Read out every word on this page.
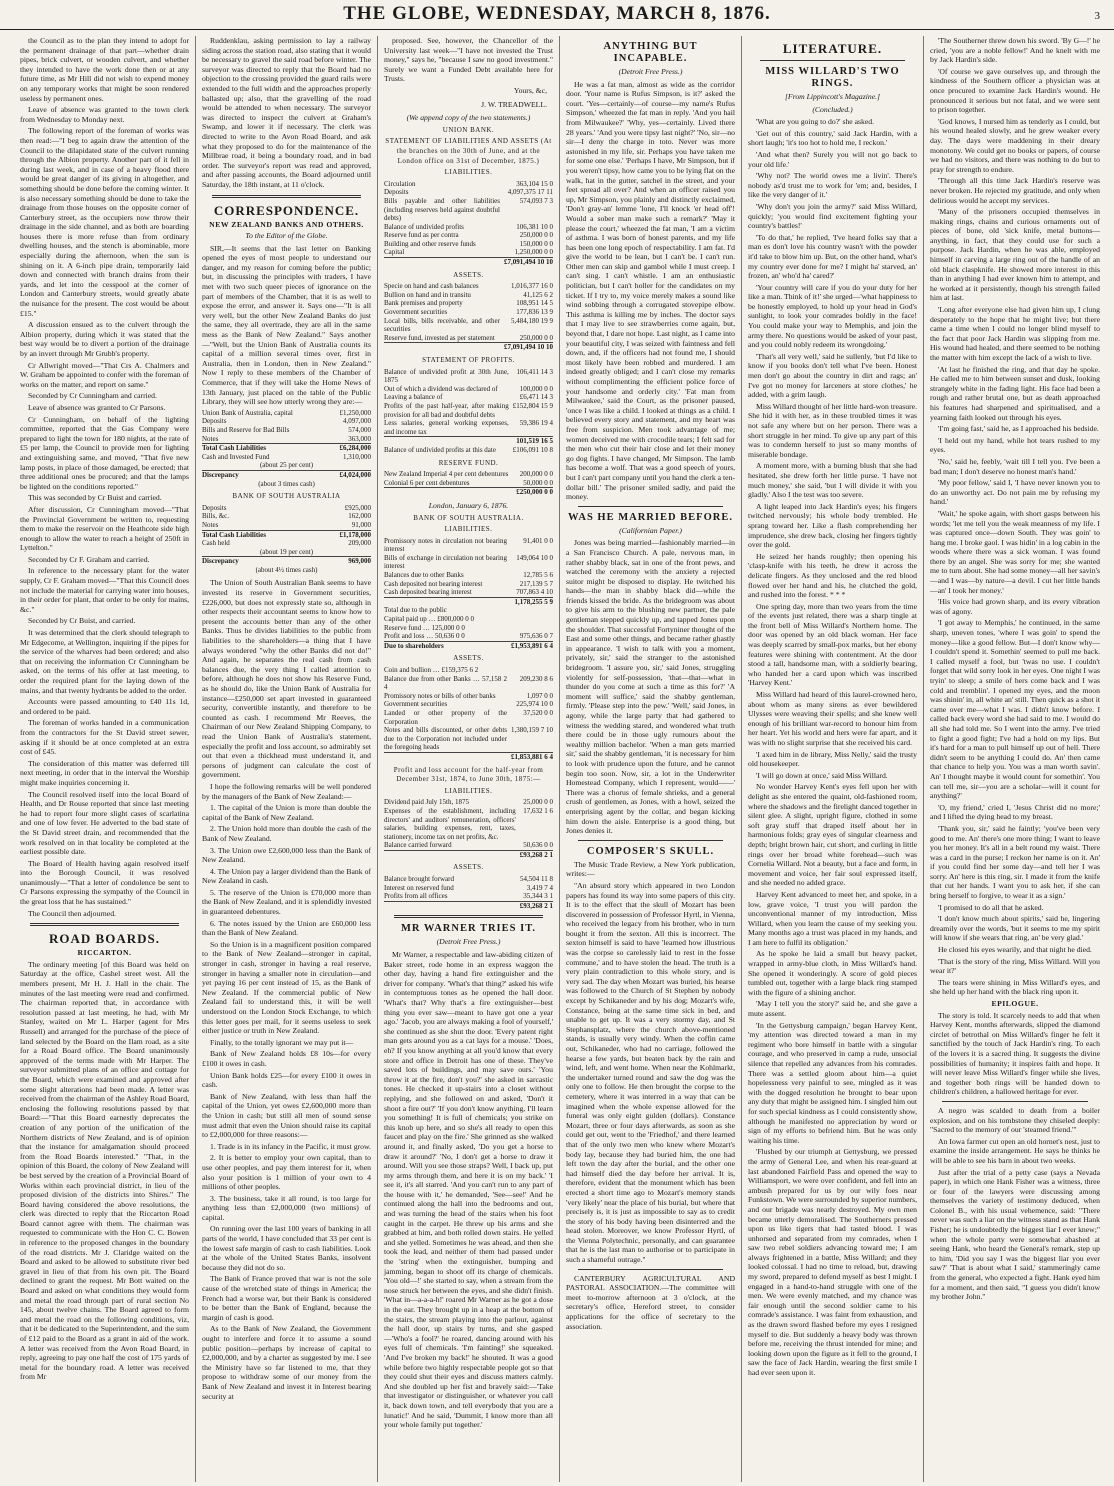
THE GLOBE, WEDNESDAY, MARCH 8, 1876.	3

the Council as to the plan they intend to adopt for the permanent drainage of that part—whether drain pipes, brick culvert, or wooden culvert, and whether they intended to have the work done then or at any future time, as Mr Hill did not wish to expend money on any temporary works that might be soon rendered useless by permanent ones.

Leave of absence was granted to the town clerk from Wednesday to Monday next.

The following report of the foreman of works was then read:—"I beg to again draw the attention of the Council to the dilapidated state of the culvert running through the Albion property. Another part of it fell in during last week, and in case of a heavy flood there would be great danger of its giving in altogether, and something should be done before the coming winter. It is also necessary something should be done to take the drainage from those houses on the opposite corner of Canterbury street, as the occupiers now throw their drainage in the side channel, and as both are boarding houses there is more refuse than from ordinary dwelling houses, and the stench is abominable, more especially during the afternoon, when the sun is shining on it. A 6-inch pipe drain, temporarily laid down and connected with branch drains from their yards, and let into the cesspool at the corner of London and Canterbury streets, would greatly abate the nuisance for the present. The cost would be about £15."

A discussion ensued as to the culvert through the Albion property, during which it was stated that the best way would be to divert a portion of the drainage by an invert through Mr Grubb's property.

Cr Allwright moved—"That Crs A. Chalmers and W. Graham be appointed to confer with the foreman of works on the matter, and report on same."

Seconded by Cr Cunningham and carried.

Leave of absence was granted to Cr Parsons.

Cr Cunningham, on behalf of the lighting committee, reported that the Gas Company were prepared to light the town for 180 nights, at the rate of £5 per lamp, the Council to provide men for lighting and extinguishing same, and moved, "That five new lamp posts, in place of those damaged, be erected; that three additional ones be procured; and that the lamps be lighted on the conditions reported."

This was seconded by Cr Buist and carried.

After discussion, Cr Cunningham moved—"That the Provincial Government be written to, requesting them to make the reservoir on the Heathcote side high enough to allow the water to reach a height of 250ft in Lyttelton."

Seconded by Cr F. Graham and carried.

In reference to the necessary plant for the water supply, Cr F. Graham moved—"That this Council does not include the material for carrying water into houses, in their order for plant, that order to be only for mains, &c."

Seconded by Cr Buist, and carried.

It was determined that the clerk should telegraph to Mr Edgecome, at Wellington, inquiring if the pipes for the service of the wharves had been ordered; and also that on receiving the information Cr Cunningham be asked, on the terms of his offer at last meeting, to order the required plant for the laying down of the mains, and that twenty hydrants be added to the order.

Accounts were passed amounting to £40 11s 1d, and ordered to be paid.

The foreman of works handed in a communication from the contractors for the St David street sewer, asking if it should be at once completed at an extra cost of £45.

The consideration of this matter was deferred till next meeting, in order that in the interval the Worship might make inquiries concerning it.

The Council resolved itself into the local Board of Health, and Dr Rouse reported that since last meeting he had to report four more slight cases of scarlatina and one of low fever. He adverted to the bad state of the St David street drain, and recommended that the work resolved on in that locality be completed at the earliest possible date.

The Board of Health having again resolved itself into the Borough Council, it was resolved unanimously—"That a letter of condolence be sent to Cr Parsons expressing the sympathy of the Council in the great loss that he has sustained."

The Council then adjourned.

ROAD BOARDS.
RICCARTON.

The ordinary meeting [of this Board was held on Saturday at the office, Cashel street west. All the members present, Mr H. J. Hall in the chair. The minutes of the last meeting were read and confirmed. The chairman reported that, in accordance with resolution passed at last meeting, he had, with Mr Stanley, waited on Mr L. Harper (agent for Mrs Russell) and arranged for the purchase of the piece of land selected by the Board on the Ilam road, as a site for a Road Board office. The Board unanimously approved of the terms made with Mr Harper. The surveyor submitted plans of an office and cottage for the Board, which were examined and approved after some slight alterations had been made. A letter was received from the chairman of the Ashley Road Board, enclosing the following resolutions passed by that Board:—"That this Board earnestly deprecates the creation of any portion of the unification of the Northern districts of New Zealand, and is of opinion that the instance for amalgamation should proceed from the Road Boards interested." "That, in the opinion of this Board, the colony of New Zealand will be best served by the creation of a Provincial Board of Works within each provincial district, in lieu of the proposed division of the districts into Shires." The Board having considered the above resolutions, the clerk was directed to reply that the Riccarton Road Board cannot agree with them. The chairman was requested to communicate with the Hon C. C. Bowen in reference to the proposed changes in the boundary of the road districts. Mr J. Claridge waited on the Board and asked to be allowed to substitute river bed gravel in lieu of that from his own pit. The Board declined to grant the request. Mr Bott waited on the Board and asked on what conditions they would form and metal the road through part of rural section No 145, about twelve chains. The Board agreed to form and metal the road on the following conditions, viz, that it be dedicated to the Superintendent, and the sum of £12 paid to the Board as a grant in aid of the work. A letter was received from the Avon Road Board, in reply, agreeing to pay one half the cost of 175 yards of metal for the boundary road. A letter was received from Mr

Ruddenklau, asking permission to lay a railway siding across the station road, also stating that it would be necessary to gravel the said road before winter. The surveyor was directed to reply that the Board had no objection to the crossing provided the guard rails were extended to the full width and the approaches properly ballasted up; also, that the gravelling of the road would be attended to when necessary. The surveyor was directed to inspect the culvert at Graham's Swamp, and lower it if necessary. The clerk was directed to write to the Avon Road Board, and ask what they proposed to do for the maintenance of the Millbrae road, it being a boundary road, and in bad order. The surveyor's report was read and approved, and after passing accounts, the Board adjourned until Saturday, the 18th instant, at 11 o'clock.

CORRESPONDENCE.
NEW ZEALAND BANKS AND OTHERS.
To the Editor of the Globe.

SIR,—It seems that the last letter on Banking opened the eyes of most people to understand our danger, and my reason for coming before the public; but, in discussing the principles with traders, I have met with two such queer pieces of ignorance on the part of members of the Chamber, that it is as well to expose the error, and answer it. Says one—"It is all very well, but the other New Zealand Banks do just the same, they all overtrade, they are all in the same mess as the Bank of New Zealand." Says another—"Well, but the Union Bank of Australia counts its capital of a million several times over, first in Australia, then in London, then in New Zealand." Now I reply to these members of the Chamber of Commerce, that if they will take the Home News of 13th January, just placed on the table of the Public Library, they will see how utterly wrong they are:—

Union Bank of Australia, capital	£1,250,000
Deposits	4,097,000
Bills and Reserve for Bad Bills	574,000
Notes	363,000
Total Cash Liabilities	£6,284,000
Cash and Invested Fund	1,310,000
(about 25 per cent)	
Discrepancy	£4,024,000
(about 3 times cash)	
BANK OF SOUTH AUSTRALIA
Deposits	£925,000
Bills, &c.	162,000
Notes	91,000
Total Cash Liabilities	£1,178,000
Cash held	209,000
(about 19 per cent)	
Discrepancy	969,000
(about 4½ times cash)	

The Union of South Australian Bank seems to have invested its reserve in Government securities, £226,000, but does not expressly state so, although in other respects their accountant seems to know how to present the accounts better than any of the other Banks. Thus he divides liabilities to the public from liabilities to the shareholders—a thing that I have always wondered "why the other Banks did not do!" And again, he separates the real cash from cash balances due, the very thing I called attention to before, although he does not show his Reserve Fund, as he should do, like the Union Bank of Australia for instance—£250,000 set apart invested in guaranteed security, convertible instantly, and therefore to be counted as cash. I recommend Mr Reeves, the Chairman of our New Zealand Shipping Company, to read the Union Bank of Australia's statement, especially the profit and loss account, so admirably set out that even a thickhead must understand it, and persons of judgment can calculate the cost of government.

I hope the following remarks will be well pondered by the managers of the Bank of New Zealand:—

1. The capital of the Union is more than double the capital of the Bank of New Zealand.

2. The Union hold more than double the cash of the Bank of New Zealand.

3. The Union owe £2,600,000 less than the Bank of New Zealand.

4. The Union pay a larger dividend than the Bank of New Zealand in cash.

5. The reserve of the Union is £70,000 more than the Bank of New Zealand, and it is splendidly invested in guaranteed debentures.

6. The notes issued by the Union are £60,000 less than the Bank of New Zealand.

So the Union is in a magnificent position compared to the Bank of New Zealand—stronger in capital, stronger in cash, stronger in having a real reserve, stronger in having a smaller note in circulation—and yet paying 16 per cent instead of 15, as the Bank of New Zealand. If the commercial public of New Zealand fail to understand this, it will be well understood on the London Stock Exchange, to which this letter goes per mail, for it seems useless to seek either justice or truth in New Zealand.

Finally, to the totally ignorant we may put it—

Bank of New Zealand holds £8 10s—for every £100 it owes in cash.

Union Bank holds £25—for every £100 it owes in cash.

Bank of New Zealand, with less than half the capital of the Union, yet owes £2,600,000 more than the Union in cash; but still all men of sound sense must admit that even the Union should raise its capital to £2,000,000 for three reasons:—

1. Trade is in its infancy in the Pacific, it must grow.

2. It is better to employ your own capital, than to use other peoples, and pay them interest for it, when also your position is 1 million of your own to 4 millions of other peoples.

3. The business, take it all round, is too large for anything less than £2,000,000 (two millions) of capital.

On running over the last 100 years of banking in all parts of the world, I have concluded that 33 per cent is the lowest safe margin of cash to cash liabilities. Look at the whole of the United States Banks, insolvent because they did not do so.

The Bank of France proved that war is not the sole cause of the wretched state of things in America; the French had a worse war, but their Bank is considered to be better than the Bank of England, because the margin of cash is good.

As to the Bank of New Zealand, the Government ought to interfere and force it to assume a sound public position—perhaps by increase of capital to £2,000,000, and by a charter as suggested by me. I see the Ministry have so far listened to me, that they propose to withdraw some of our money from the Bank of New Zealand and invest it in Interest bearing security at

proposed. See, however, the Chancellor of the University last week—"I have not invested the Trust money," says he, "because I saw no good investment." Surely we want a Funded Debt available here for Trusts.

Yours, &c,
J. W. TREADWELL.
(We append copy of the two statements.)
UNION BANK.
STATEMENT OF LIABILITIES AND ASSETS (At the branches on the 30th of June, and at the London office on 31st of December, 1875.)
LIABILITIES.
Circulation	363,104 15 0
Deposits	4,097,375 17 11
Bills payable and other liabilities (including reserves held against doubtful debts)	574,093 7 3
Balance of undivided profits	106,381 10 0
Reserve fund as per contra	250,000 0 0
Building and other reserve funds	150,000 0 0
Capital	1,250,000 0 0
	£7,091,494 10 10
ASSETS.
Specie on hand and cash balances	1,016,377 16 0
Bullion on hand and in transitu	41,125 6 2
Bank premises and property	108,951 14 5
Government securities	177,836 13 9
Local bills, bills receivable, and other securities	5,484,180 19 9
Reserve fund, invested as per statement	250,000 0 0
	£7,091,494 10 10
STATEMENT OF PROFITS.
Balance of undivided profit at 30th June, 1875	106,411 14 3
Out of which a dividend was declared of	100,000 0 0
Leaving a balance of	£6,471 14 3
Profits of the past half-year, after making provision for all bad and doubtful debts	£152,804 15 9
Less salaries, general working expenses, and income tax	59,386 19 4
	101,519 16 5
Balance of undivided profits at this date	£106,091 10 8
RESERVE FUND.
New Zealand Imperial 4 per cent debentures	200,000 0 0
Colonial 6 per cent debentures	50,000 0 0
	£250,000 0 0
London, January 6, 1876.
BANK OF SOUTH AUSTRALIA.
LIABILITIES.
Promissory notes in circulation not bearing interest	91,401 0 0
Bills of exchange in circulation not bearing interest	149,064 10 0
Balances due to other Banks	12,785 5 6
Cash deposited not bearing interest	217,139 5 7
Cash deposited bearing interest	707,863 4 10
	1,178,255 5 9
Total due to the public	
Capital paid up … £800,000 0 0	
Reserve fund … 125,000 0 0	
Profit and loss … 50,636 0 0	975,636 0 7
Due to shareholders	£1,953,891 6 4
ASSETS.
Coin and bullion … £159,375 6 2	
Balance due from other Banks … 57,158 2 4	209,230 8 6
Promissory notes or bills of other banks	1,097 0 0
Government securities	225,974 10 0
Landed or other property of the Corporation	37,520 0 0
Notes and bills discounted, or other debts due to the Corporation not included under the foregoing heads	1,380,159 7 10
	£1,853,881 6 4
Profit and loss account for the half-year from December 31st, 1874, to June 30th, 1875:—
LIABILITIES.
Dividend paid July 15th, 1875	25,000 0 0
Expenses of the establishment, including directors' and auditors' remuneration, officers' salaries, building expenses, rent, taxes, stationery, income tax on net profits, &c.	17,632 1 6
Balance carried forward	50,636 0 0
	£93,268 2 1
ASSETS.
Balance brought forward	54,504 11 8
Interest on reserved fund	3,419 7 4
Profits from all offices	35,344 3 1
	£93,268 2 1
MR WARNER TRIES IT.
(Detroit Free Press.)

Mr Warner, a respectable and law-abiding citizen of Baker street, rode home in an express waggon the other day, having a hand fire extinguisher and the driver for company. 'What's that thing?' asked his wife in contemptuous tones as he opened the hall door. 'What's that? Why that's a fire extinguisher—best thing you ever saw—meant to have got one a year ago.' 'Jacob, you are always making a fool of yourself,' she continued as she shut the door. 'Every patent right man gets around you as a cat lays for a mouse.' 'Does, eh? If you know anything at all you'd know that every store and office in Detroit has one of these. They've saved lots of buildings, and may save ours.' 'You throw it at the fire, don't you?' she asked in sarcastic tones. He checked it up-stairs into a closet without replying, and she followed on and asked, 'Don't it shoot a fire out?' 'If you don't know anything, I'll learn you something! It is full of chemicals; you strike on this knob up here, and so she's all ready to open this faucet and play on the fire.' She grinned as she walked around it, and finally asked, 'Do you get a horse to draw it around?' 'No, I don't get a horse to draw it around. Will you see those straps? Well, I back up, put my arms through them, and here it is on my back.' 'I see it, it's all starred. 'And you can't run to any part of the house with it,' he demanded, 'See—see!' And he continued along the hall into the bedrooms and out, and was turning the head of the stairs when his foot caught in the carpet. He threw up his arms and she grabbed at him, and both rolled down stairs. He yelled and she yelled. Sometimes he was ahead, and then she took the lead, and neither of them had passed under the 'string' when the extinguisher, bumping and jamming, began to shoot off its charge of chemicals. 'You old—!' she started to say, when a stream from the nose struck her between the eyes, and she didn't finish. 'What in—a-a-a-h!' roared Mr Warner as he got a dose in the ear. They brought up in a heap at the bottom of the stairs, the stream playing into the parlour, against the hall door, up stairs by turns, and she gasped—'Who's a fool?' he roared, dancing around with his eyes full of chemicals. 'I'm fainting!' she squeaked. 'And I've broken my back!' he shouted. It was a good while before two highly respectable people got so that they could shut their eyes and discuss matters calmly. And she doubled up her fist and bravely said:—'Take that investigator or distinguisher, or whatever you call it, back down town, and tell everybody that you are a lunatic!' And he said, 'Dummit, I know more than all your whole family put together.'

ANYTHING BUT INCAPABLE.
(Detroit Free Press.)

He was a fat man, almost as wide as the corridor door. 'Your name is Rufus Simpson, is it?' asked the court. 'Yes—certainly—of course—my name's Rufus Simpson,' wheezed the fat man in reply. 'And you hail from Milwaukee?' 'Why, yes—certainly. Lived there 28 years.' 'And you were tipsy last night?' 'No, sir—no sir—I deny the charge in toto. Never was more astonished in my life, sir. Perhaps you have taken me for some one else.' 'Perhaps I have, Mr Simpson, but if you weren't tipsy, how came you to be lying flat on the walk, hat in the gutter, satchel in the street, and your feet spread all over? And when an officer raised you up, Mr Simpson, you plainly and distinctly exclaimed, 'Don't gray-an' lemme 'lone, I'll knock 'er head off'! Would a sober man make such a remark?' 'May it please the court,' wheezed the fat man, 'I am a victim of asthma. I was born of honest parents, and my life has been one long epoch of respectability. I am fat. I'd give the world to be lean, but I can't be. I can't run. Other men can skip and gambol while I must creep. I can't sing. I can't whistle. I am an enthusiastic politician, but I can't holler for the candidates on my ticket. If I try to, my voice merely makes a sound like wind sobbing through a corrugated stovepipe elbow. This asthma is killing me by inches. The doctor says that I may live to see strawberries come again, but, beyond that, I dare not hope. Last night, as I came into your beautiful city, I was seized with faintness and fell down, and, if the officers had not found me, I should most likely have been robbed and murdered. I am indeed greatly obliged; and I can't close my remarks without complimenting the efficient police force of your handsome and orderly city.' 'Fat man from Milwaukee,' said the Court, as the prisoner paused, 'once I was like a child. I looked at things as a child. I believed every story and statement, and my heart was free from suspicion. Men took advantage of me; women deceived me with crocodile tears; I felt sad for the men who cut their hair close and let their money go dog fights. I have changed, Mr Simpson. The lamb has become a wolf. That was a good speech of yours, but I can't part company until you hand the clerk a ten-dollar bill.' The prisoner smiled sadly, and paid the money.

WAS HE MARRIED BEFORE.
(Californian Paper.)

Jones was being married—fashionably married—in a San Francisco Church. A pale, nervous man, in rather shabby black, sat in one of the front pews, and watched the ceremony with the anxiety a rejected suitor might be disposed to display. He twitched his hands—the man in shabby black did—while the friends kissed the bride. As the bridegroom was about to give his arm to the blushing new partner, the pale gentleman stepped quickly up, and tapped Jones upon the shoulder. That successful Fortyniner thought of the East and some other things, and became rather ghastly in appearance. 'I wish to talk with you a moment, privately, sir,' said the stranger to the astonished bridegroom. 'I assure you, sir,' said Jones, struggling violently for self-possession, 'that—that—what in thunder do you come at such a time as this for?' 'A moment will suffice,' said the shabby gentleman, firmly. 'Please step into the pew.' 'Well,' said Jones, in agony, while the large party that had gathered to witness the wedding stared, and wondered what truth there could be in those ugly rumours about the wealthy million bachelor. 'When a man gets married sir,' said the shabby gentleman, 'it is necessary for him to look with prudence upon the future, and he cannot begin too soon. Now, sir, a lot in the Underwriter Homestead Company, which I represent, would——' There was a chorus of female shrieks, and a general crush of gentlemen, as Jones, with a howl, seized the enterprising agent by the collar, and began kicking him down the aisle. Enterprise is a good thing, but Jones denies it.

COMPOSER'S SKULL.

The Music Trade Review, a New York publication, writes:—

"An absurd story which appeared in two London papers has found its way into some papers of this city. It is to the effect that the skull of Mozart has been discovered in possession of Professor Hyrtl, in Vienna, who received the legacy from his brother, who in turn bought it from the sexton. All this is incorrect. The sexton himself is said to have 'learned how illustrious was the corpse so carelessly laid to rest in the fosse commune,' and to have stolen the head. The truth is a very plain contradiction to this whole story, and is very sad. The day when Mozart was buried, his hearse was followed to the Church of St Stephen by nobody except by Schikaneder and by his dog; Mozart's wife, Constance, being at the same time sick in bed, and unable to get up. It was a very stormy day, and St Stephansplatz, where the church above-mentioned stands, is usually very windy. When the coffin came out, Schikaneder, who had no carriage, followed the hearse a few yards, but beaten back by the rain and wind, left, and went home. When near the Kohlmarkt, the undertaker turned round and saw the dog was the only one to follow. He then brought the corpse to the cemetery, where it was interred in a way that can be imagined when the whole expense allowed for the funeral was only eight gulden (dollars). Constance Mozart, three or four days afterwards, as soon as she could get out, went to the 'Friedhof,' and there learned that of the only two men who knew where Mozart's body lay, because they had buried him, the one had left town the day after the burial, and the other one had himself died the day before her arrival. It is, therefore, evident that the monument which has been erected a short time ago to Mozart's memory stands 'very likely' near the place of his burial, but where that precisely is, it is just as impossible to say as to credit the story of his body having been disinterred and the head stolen. Moreover, we know Professor Hyrtl, of the Vienna Polytechnic, personally, and can guarantee that he is the last man to authorise or to participate in such a shameful outrage."

CANTERBURY AGRICULTURAL AND PASTORAL ASSOCIATION.—The committee will meet to-morrow afternoon at 3 o'clock, at the secretary's office, Hereford street, to consider applications for the office of secretary to the association.

LITERATURE.
MISS WILLARD'S TWO RINGS.
[From Lippincott's Magazine.]
(Concluded.)

'What are you going to do?' she asked.

'Get out of this country,' said Jack Hardin, with a short laugh; 'it's too hot to hold me, I reckon.'

'And what then? Surely you will not go back to your old life.'

'Why not? The world owes me a livin'. There's nobody as'd trust me to work for 'em; and, besides, I like the very danger of it.'

'Why don't you join the army?' said Miss Willard, quickly; 'you would find excitement fighting your country's battles!'

'To do that,' he replied, 'I've heard folks say that a man es don't love his country wasn't with the powder it'd take to blow him up. But, on the other hand, what's my country ever done for me? I might ha' starved, an' frozen, an' who'd ha' cared?'

'Your country will care if you do your duty for her like a man. Think of it!' she urged—'what happiness to be honestly employed, to hold up your head in God's sunlight, to look your comrades boldly in the face! You could make your way to Memphis, and join the army there. No questions would be asked of your past, and you could nobly redeem its wrongdoing.'

'That's all very well,' said he sullenly, 'but I'd like to know if you books don't tell what I've been. Honest men don't go about the country in dirt and rags; an' I've got no money for larceners at store clothes,' he added, with a grim laugh.

Miss Willard thought of her little hard-won treasure. She hid it with her, as in these troubled times it was not safe any where but on her person. There was a short struggle in her mind. To give up any part of this was to condemn herself to just so many months of miserable bondage.

A moment more, with a burning blush that she had hesitated, she drew forth her little purse. 'I have not much money,' she said, 'but I will divide it with you gladly.' Also I the test was too severe.

A light leaped into Jack Hardin's eyes; his fingers twitched nervously; his whole body trembled. He sprang toward her. Like a flash comprehending her imprudence, she drew back, closing her fingers tightly over the gold.

He seized her hands roughly; then opening his 'clasp-knife with his teeth, he drew it across the delicate fingers. As they unclosed and the red blood flowed over her hand and his, he clutched the gold, and rushed into the forest. * * *

One spring day, more than two years from the time of the events just related, there was a sharp tingle at the front bell of Miss Willard's Northern home. The door was opened by an old black woman. Her face was deeply scarred by small-pox marks, but her ebony features were shining with contentment. At the door stood a tall, handsome man, with a soldierly bearing, who handed her a card upon which was inscribed 'Harvey Kent.'

Miss Willard had heard of this laurel-crowned hero, about whom as many sirens as ever bewildered Ulysses were weaving their spells; and she knew well enough of his brilliant war-record to honour him from her heart. Yet his world and hers were far apart, and it was with no slight surprise that she received his card.

'I axed him in de library, Miss Nelly,' said the trusty old housekeeper.

'I will go down at once,' said Miss Willard.

No wonder Harvey Kent's eyes fell upon her with delight as she entered the quaint, old-fashioned room, where the shadows and the firelight danced together in silent glee. A slight, upright figure, clothed in some soft gray stuff that draped itself about her in harmonious folds; gray eyes of singular clearness and depth; bright brown hair, cut short, and curling in little rings over her broad white forehead—such was Cornelia Willard. Not a beauty, but a face and form, in movement and voice, her fair soul expressed itself, and she needed no added grace.

Harvey Kent advanced to meet her, and spoke, in a low, grave voice, 'I trust you will pardon the unconventional manner of my introduction, Miss Willard, when you learn the cause of my seeking you. Many months ago a trust was placed in my hands, and I am here to fulfil its obligation.'

As he spoke he laid a small but heavy packet, wrapped in army-blue cloth, in Miss Willard's hand. She opened it wonderingly. A score of gold pieces tumbled out, together with a large black ring stamped with the figure of a shining anchor.

'May I tell you the story?' said he, and she gave a mute assent.

'In the Gettysburg campaign,' began Harvey Kent, 'my attention was directed toward a man in my regiment who bore himself in battle with a singular courage, and who preserved in camp a rude, unsocial silence that repelled any advances from his comrades. There was a settled gloom about him—a quiet hopelessness very painful to see, mingled as it was with the dogged resolution he brought to bear upon any duty that might be assigned him. I singled him out for such special kindness as I could consistently show, although he manifested no appreciation by word or sign of my efforts to befriend him. But he was only waiting his time.

'Flushed by our triumph at Gettysburg, we pressed the army of General Lee, and when his rear-guard at last abandoned Fairfield Pass and opened the way to Williamsport, we were over confident, and fell into an ambush prepared for us by our wily foes near Funkstown. We were surrounded by superior numbers, and our brigade was nearly destroyed. My own men became utterly demoralised. The Southerners pressed upon us like tigers that had tasted blood. I was unhorsed and separated from my comrades, when I saw two rebel soldiers advancing toward me; I am always frightened in a battle, Miss Willard; and they looked colossal. I had no time to reload, but, drawing my sword, prepared to defend myself as best I might. I engaged in a hand-to-hand struggle with one of the men. We were evenly matched, and my chance was fair enough until the second soldier came to his comrade's assistance. I was faint from exhaustion, and as the drawn sword flashed before my eyes I resigned myself to die. But suddenly a heavy body was thrown before me, receiving the thrust intended for mine; and looking down upon the figure as it fell to the ground, I saw the face of Jack Hardin, wearing the first smile I had ever seen upon it.

'The Southerner threw down his sword. 'By G—!' he cried, 'you are a noble fellow!' And he knelt with me by Jack Hardin's side.

'Of course we gave ourselves up, and through the kindness of the Southern officer a physician was at once procured to examine Jack Hardin's wound. He pronounced it serious but not fatal, and we were sent to prison together.

'God knows, I nursed him as tenderly as I could, but his wound healed slowly, and he grew weaker every day. The days were maddening in their dreary monotony. We could get no books or papers, of course we had no visitors, and there was nothing to do but to pray for strength to endure.

'Through all this time Jack Hardin's reserve was never broken. He rejected my gratitude, and only when delirious would he accept my services.

'Many of the prisoners occupied themselves in making rings, chains and curious ornaments out of pieces of bone, old 'sick knife, metal buttons—anything, in fact, that they could use for such a purpose. Jack Hardin, when he was able, employed himself in carving a large ring out of the handle of an old black claspknife. He showed more interest in this than in anything I had ever known him to attempt, and he worked at it persistently, though his strength failed him at last.

'Long after everyone else had given him up, I clung desperately to the hope that he might live; but there came a time when I could no longer blind myself to the fact that poor Jack Hardin was slipping from me. His wound had healed, and there seemed to be nothing the matter with him except the lack of a wish to live.

'At last he finished the ring, and that day he spoke. He called me to him between sunset and dusk, looking strangely white in the fading light. His face had been a rough and rather brutal one, but as death approached his features had sharpened and spiritualised, and a yearning faith looked out through his eyes.

'I'm going fast,' said he, as I approached his bedside.

'I held out my hand, while hot tears rushed to my eyes.

'No,' said he, feebly, 'wait till I tell you. I've been a bad man; I don't deserve no honest man's hand.'

'My poor fellow,' said I, 'I have never known you to do an unworthy act. Do not pain me by refusing my hand.'

'Wait,' he spoke again, with short gasps between his words; 'let me tell you the weak meanness of my life. I was captured once—down South. They was goin' to hang me. I broke gaol. I was hidin' in a log cabin in the woods where there was a sick woman. I was found there by an angel. She was sorry for me; she wanted me to turn about. She had some money—all her savin's—and I was—by nature—a devil. I cut her little hands—an' I took her money.'

'His voice had grown sharp, and its every vibration was of agony.

'I got away to Memphis,' he continued, in the same sharp, uneven tones, 'where I was goin' to spend the money—like a good fellow. But—I don't know why—I couldn't spend it. Somethin' seemed to pull me back. I called myself a fool, but 'twas no use. I couldn't forget that wild sorry look in her eyes. One night I was tryin' to sleep; a smile of hers come back and I was cold and tremblin'. I opened my eyes, and the moon was shinin' in, all white an' still. Then quick as a shot it came over me—what I was. I didn't know before. I called back every word she had said to me. I would do all she had told me. So I went into the army. I've tried to fight a good fight; I've had a hold on my lips. But it's hard for a man to pull himself up out of hell. There didn't seem to be anything I could do. An' then came that chance to help you. You was a man worth savin'. An' I thought maybe it would count for somethin'. You can tell me, sir—you are a scholar—will it count for anything?'

'O, my friend,' cried I, 'Jesus Christ did no more;' and I lifted the dying head to my breast.

'Thank you, sir,' said he faintly; 'you've been very good to me. An' there's one more thing; I want to leave you her money. It's all in a belt round my waist. There was a card in the purse; I reckon her name is on it. An' if you could find her some day—and tell her I was sorry. An' here is this ring, sir. I made it from the knife that cut her hands. I want you to ask her, if she can bring herself to forgive, to wear it as a sign.'

'I promised to do all that he asked.

'I don't know much about spirits,' said he, lingering dreamily over the words, 'but it seems to me my spirit will know if she wears that ring, an' be very glad.'

He closed his eyes wearily, and that night he died.

'That is the story of the ring, Miss Willard. Will you wear it?'

The tears were shining in Miss Willard's eyes, and she held up her hand with the black ring upon it.

EPILOGUE.

The story is told. It scarcely needs to add that when Harvey Kent, months afterwards, slipped the diamond circlet of betrothal on Miss Willard's finger he felt it sanctified by the touch of Jack Hardin's ring. To each of the lovers it is a sacred thing. It suggests the divine possibilities of humanity; it inspires faith and hope. It will never leave Miss Willard's finger while she lives, and together both rings will be handed down to children's children, a hallowed heritage for ever.

A negro was scalded to death from a boiler explosion, and on his tombstone they chiseled deeply: "Sacred to the memory of our 'steamed friend.'"

An Iowa farmer cut open an old hornet's nest, just to examine the inside arrangement. He says he thinks he will be able to see his barn in about two weeks.

Just after the trial of a petty case (says a Nevada paper), in which one Hank Fisher was a witness, three or four of the lawyers were discussing among themselves the variety of testimony deduced, when Colonel B., with his usual vehemence, said: "There never was such a liar on the witness stand as that Hank Fisher; he is undoubtedly the biggest liar I ever knew;" when the whole party were somewhat abashed at seeing Hank, who heard the General's remark, step up to him, 'Did you say I was the biggest liar you ever saw?' 'That is about what I said,' stammeringly came from the general, who expected a fight. Hank eyed him for a moment, and then said, "I guess you didn't know my brother John."
